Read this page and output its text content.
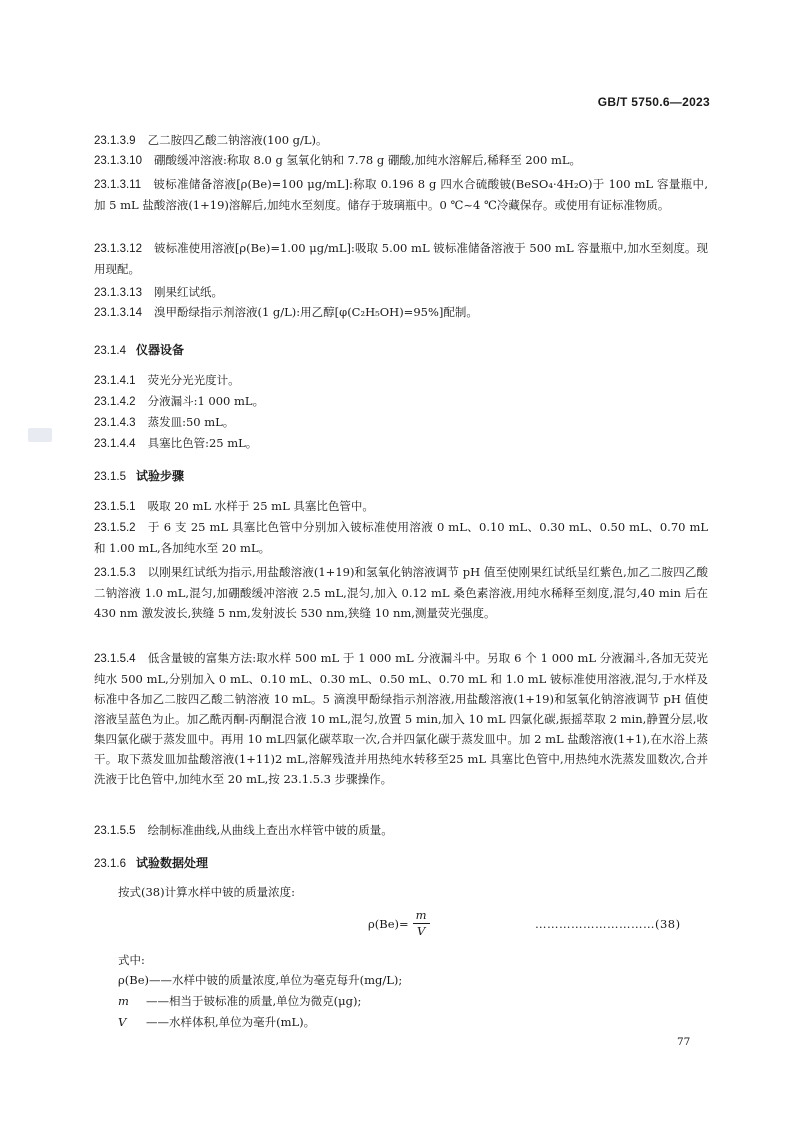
GB/T 5750.6—2023
23.1.3.9 乙二胺四乙酸二钠溶液(100 g/L)。
23.1.3.10 硼酸缓冲溶液:称取 8.0 g 氢氧化钠和 7.78 g 硼酸,加纯水溶解后,稀释至 200 mL。
23.1.3.11 铍标准储备溶液[ρ(Be)=100 μg/mL]:称取 0.196 8 g 四水合硫酸铍(BeSO₄·4H₂O)于 100 mL 容量瓶中,加 5 mL 盐酸溶液(1+19)溶解后,加纯水至刻度。储存于玻璃瓶中。0 ℃~4 ℃冷藏保存。或使用有证标准物质。
23.1.3.12 铍标准使用溶液[ρ(Be)=1.00 μg/mL]:吸取 5.00 mL 铍标准储备溶液于 500 mL 容量瓶中,加水至刻度。现用现配。
23.1.3.13 刚果红试纸。
23.1.3.14 溴甲酚绿指示剂溶液(1 g/L):用乙醇[φ(C₂H₅OH)=95%]配制。
23.1.4 仪器设备
23.1.4.1 荧光分光光度计。
23.1.4.2 分液漏斗:1 000 mL。
23.1.4.3 蒸发皿:50 mL。
23.1.4.4 具塞比色管:25 mL。
23.1.5 试验步骤
23.1.5.1 吸取 20 mL 水样于 25 mL 具塞比色管中。
23.1.5.2 于 6 支 25 mL 具塞比色管中分别加入铍标准使用溶液 0 mL、0.10 mL、0.30 mL、0.50 mL、0.70 mL 和 1.00 mL,各加纯水至 20 mL。
23.1.5.3 以刚果红试纸为指示,用盐酸溶液(1+19)和氢氧化钠溶液调节 pH 值至使刚果红试纸呈红紫色,加乙二胺四乙酸二钠溶液 1.0 mL,混匀,加硼酸缓冲溶液 2.5 mL,混匀,加入 0.12 mL 桑色素溶液,用纯水稀释至刻度,混匀,40 min 后在 430 nm 激发波长,狭缝 5 nm,发射波长 530 nm,狭缝 10 nm,测量荧光强度。
23.1.5.4 低含量铍的富集方法:取水样 500 mL 于 1 000 mL 分液漏斗中。另取 6 个 1 000 mL 分液漏斗,各加无荧光纯水 500 mL,分别加入 0 mL、0.10 mL、0.30 mL、0.50 mL、0.70 mL 和 1.0 mL 铍标准使用溶液,混匀,于水样及标准中各加乙二胺四乙酸二钠溶液 10 mL。5 滴溴甲酚绿指示剂溶液,用盐酸溶液(1+19)和氢氧化钠溶液调节 pH 值使溶液呈蓝色为止。加乙酰丙酮-丙酮混合液 10 mL,混匀,放置 5 min,加入 10 mL 四氯化碳,振摇萃取 2 min,静置分层,收集四氯化碳于蒸发皿中。再用 10 mL四氯化碳萃取一次,合并四氯化碳于蒸发皿中。加 2 mL 盐酸溶液(1+1),在水浴上蒸干。取下蒸发皿加盐酸溶液(1+11)2 mL,溶解残渣并用热纯水转移至25 mL 具塞比色管中,用热纯水洗蒸发皿数次,合并洗液于比色管中,加纯水至 20 mL,按 23.1.5.3 步骤操作。
23.1.5.5 绘制标准曲线,从曲线上查出水样管中铍的质量。
23.1.6 试验数据处理
按式(38)计算水样中铍的质量浓度:
$\rho(Be)= \frac{m}{V}$	…………………………(38)
式中:
ρ(Be)——水样中铍的质量浓度,单位为毫克每升(mg/L);
m ——相当于铍标准的质量,单位为微克(μg);
V ——水样体积,单位为毫升(mL)。
77
